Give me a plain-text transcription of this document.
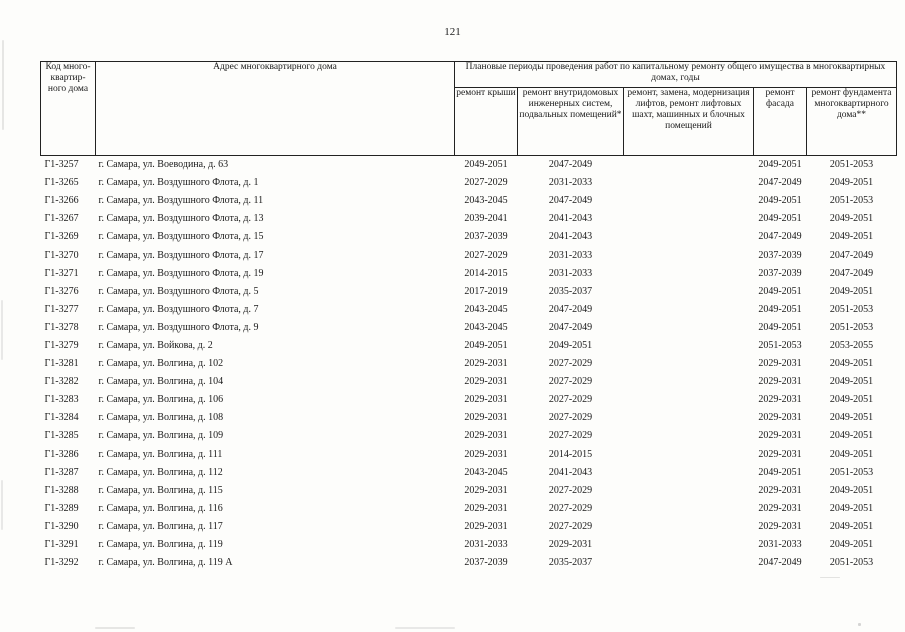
121
Код много-квартир-ного дома	Адрес многоквартирного дома	Плановые периоды проведения работ по капитальному ремонту общего имущества в многоквартирных домах, годы				
		ремонт крыши	ремонт внутридомовых инженерных систем, подвальных помещений*	ремонт, замена, модернизация лифтов, ремонт лифтовых шахт, машинных и блочных помещений	ремонт фасада	ремонт фундамента многоквартирного дома**
Г1-3257	г. Самара, ул. Воеводина, д. 63	2049-2051	2047-2049		2049-2051	2051-2053
Г1-3265	г. Самара, ул. Воздушного Флота, д. 1	2027-2029	2031-2033		2047-2049	2049-2051
Г1-3266	г. Самара, ул. Воздушного Флота, д. 11	2043-2045	2047-2049		2049-2051	2051-2053
Г1-3267	г. Самара, ул. Воздушного Флота, д. 13	2039-2041	2041-2043		2049-2051	2049-2051
Г1-3269	г. Самара, ул. Воздушного Флота, д. 15	2037-2039	2041-2043		2047-2049	2049-2051
Г1-3270	г. Самара, ул. Воздушного Флота, д. 17	2027-2029	2031-2033		2037-2039	2047-2049
Г1-3271	г. Самара, ул. Воздушного Флота, д. 19	2014-2015	2031-2033		2037-2039	2047-2049
Г1-3276	г. Самара, ул. Воздушного Флота, д. 5	2017-2019	2035-2037		2049-2051	2049-2051
Г1-3277	г. Самара, ул. Воздушного Флота, д. 7	2043-2045	2047-2049		2049-2051	2051-2053
Г1-3278	г. Самара, ул. Воздушного Флота, д. 9	2043-2045	2047-2049		2049-2051	2051-2053
Г1-3279	г. Самара, ул. Войкова, д. 2	2049-2051	2049-2051		2051-2053	2053-2055
Г1-3281	г. Самара, ул. Волгина, д. 102	2029-2031	2027-2029		2029-2031	2049-2051
Г1-3282	г. Самара, ул. Волгина, д. 104	2029-2031	2027-2029		2029-2031	2049-2051
Г1-3283	г. Самара, ул. Волгина, д. 106	2029-2031	2027-2029		2029-2031	2049-2051
Г1-3284	г. Самара, ул. Волгина, д. 108	2029-2031	2027-2029		2029-2031	2049-2051
Г1-3285	г. Самара, ул. Волгина, д. 109	2029-2031	2027-2029		2029-2031	2049-2051
Г1-3286	г. Самара, ул. Волгина, д. 111	2029-2031	2014-2015		2029-2031	2049-2051
Г1-3287	г. Самара, ул. Волгина, д. 112	2043-2045	2041-2043		2049-2051	2051-2053
Г1-3288	г. Самара, ул. Волгина, д. 115	2029-2031	2027-2029		2029-2031	2049-2051
Г1-3289	г. Самара, ул. Волгина, д. 116	2029-2031	2027-2029		2029-2031	2049-2051
Г1-3290	г. Самара, ул. Волгина, д. 117	2029-2031	2027-2029		2029-2031	2049-2051
Г1-3291	г. Самара, ул. Волгина, д. 119	2031-2033	2029-2031		2031-2033	2049-2051
Г1-3292	г. Самара, ул. Волгина, д. 119 А	2037-2039	2035-2037		2047-2049	2051-2053
